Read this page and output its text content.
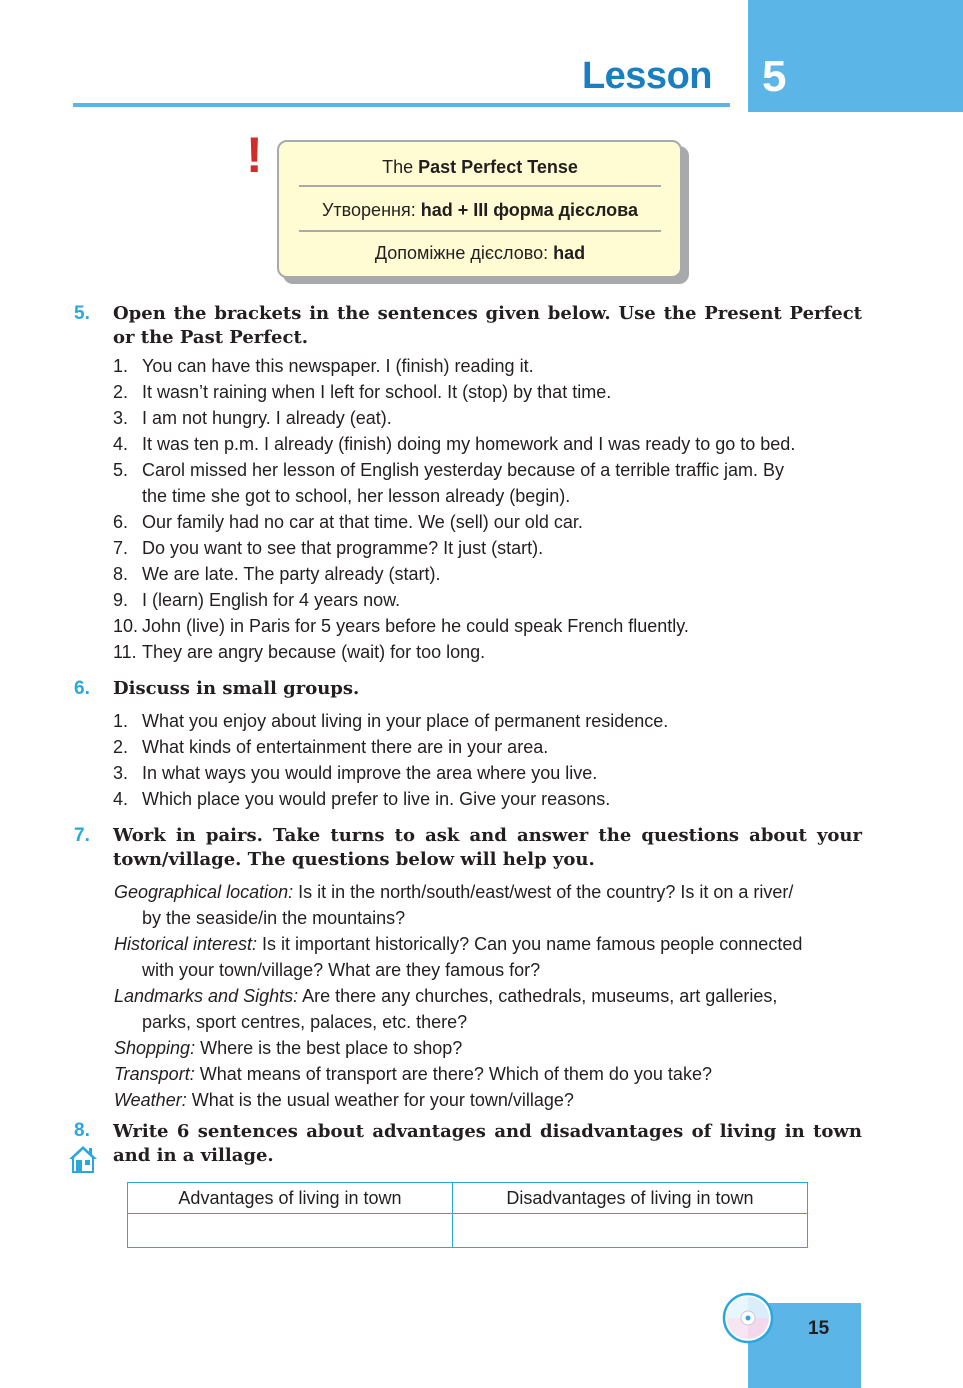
5
Lesson
!	The Past Perfect Tense
Утворення: had + III форма дієслова
Допоміжне дієслово: had
5. Open the brackets in the sentences given below. Use the Present Perfect or the Past Perfect.
1. You can have this newspaper. I (finish) reading it.
2. It wasn’t raining when I left for school. It (stop) by that time.
3. I am not hungry. I already (eat).
4. It was ten p.m. I already (finish) doing my homework and I was ready to go to bed.
5. Carol missed her lesson of English yesterday because of a terrible traffic jam. By
the time she got to school, her lesson already (begin).
6. Our family had no car at that time. We (sell) our old car.
7. Do you want to see that programme? It just (start).
8. We are late. The party already (start).
9. I (learn) English for 4 years now.
10. John (live) in Paris for 5 years before he could speak French fluently.
11. They are angry because (wait) for too long.
6. Discuss in small groups.
1. What you enjoy about living in your place of permanent residence.
2. What kinds of entertainment there are in your area.
3. In what ways you would improve the area where you live.
4. Which place you would prefer to live in. Give your reasons.
7. Work in pairs. Take turns to ask and answer the questions about your town/village. The questions below will help you.
Geographical location: Is it in the north/south/east/west of the country? Is it on a river/
by the seaside/in the mountains?
Historical interest: Is it important historically? Can you name famous people connected
with your town/village? What are they famous for?
Landmarks and Sights: Are there any churches, cathedrals, museums, art galleries,
parks, sport centres, palaces, etc. there?
Shopping: Where is the best place to shop?
Transport: What means of transport are there? Which of them do you take?
Weather: What is the usual weather for your town/village?
8. Write 6 sentences about advantages and disadvantages of living in town and in a village.
Advantages of living in town	Disadvantages of living in town
15
